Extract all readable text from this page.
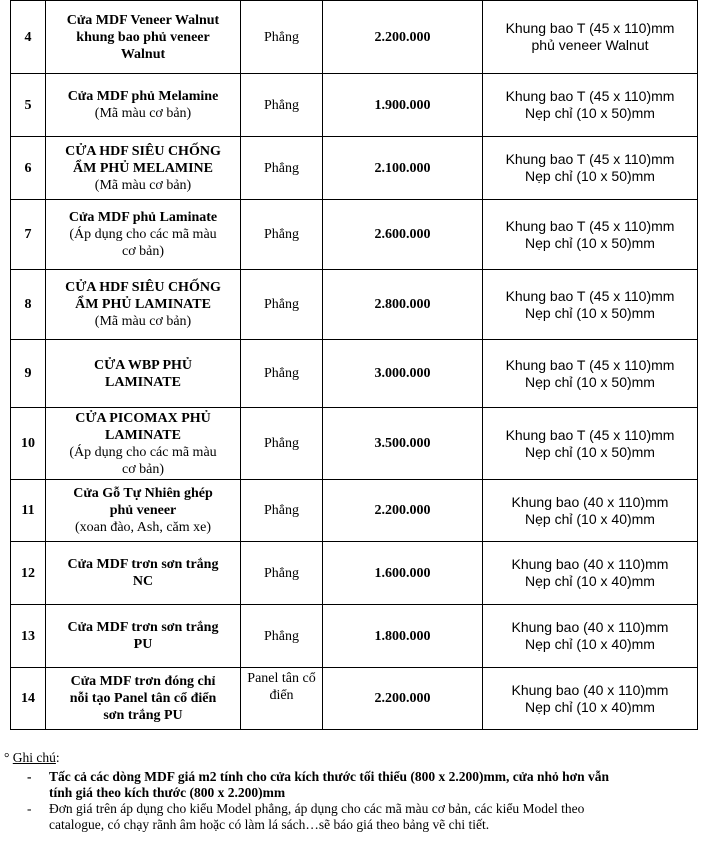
4	Cửa MDF Veneer Walnut
khung bao phủ veneer
Walnut	Phẳng	2.200.000	Khung bao T (45 x 110)mm
phủ veneer Walnut
5	Cửa MDF phủ Melamine
(Mã màu cơ bản)	Phẳng	1.900.000	Khung bao T (45 x 110)mm
Nẹp chỉ (10 x 50)mm
6	CỬA HDF SIÊU CHỐNG
ẨM PHỦ MELAMINE
(Mã màu cơ bản)	Phẳng	2.100.000	Khung bao T (45 x 110)mm
Nẹp chỉ (10 x 50)mm
7	Cửa MDF phủ Laminate
(Áp dụng cho các mã màu
cơ bản)	Phẳng	2.600.000	Khung bao T (45 x 110)mm
Nẹp chỉ (10 x 50)mm
8	CỬA HDF SIÊU CHỐNG
ẨM PHỦ LAMINATE
(Mã màu cơ bản)	Phẳng	2.800.000	Khung bao T (45 x 110)mm
Nẹp chỉ (10 x 50)mm
9	CỬA WBP PHỦ
LAMINATE	Phẳng	3.000.000	Khung bao T (45 x 110)mm
Nẹp chỉ (10 x 50)mm
10	CỬA PICOMAX PHỦ
LAMINATE
(Áp dụng cho các mã màu
cơ bản)	Phẳng	3.500.000	Khung bao T (45 x 110)mm
Nẹp chỉ (10 x 50)mm
11	Cửa Gỗ Tự Nhiên ghép
phủ veneer
(xoan đào, Ash, căm xe)	Phẳng	2.200.000	Khung bao (40 x 110)mm
Nẹp chỉ (10 x 40)mm
12	Cửa MDF trơn sơn trắng
NC	Phẳng	1.600.000	Khung bao (40 x 110)mm
Nẹp chỉ (10 x 40)mm
13	Cửa MDF trơn sơn trắng
PU	Phẳng	1.800.000	Khung bao (40 x 110)mm
Nẹp chỉ (10 x 40)mm
14	Cửa MDF trơn đóng chỉ
nỗi tạo Panel tân cổ điển
sơn trắng PU	Panel tân cổ
điển	2.200.000	Khung bao (40 x 110)mm
Nẹp chỉ (10 x 40)mm
° Ghi chú:
- Tấc cả các dòng MDF giá m2 tính cho cửa kích thước tối thiểu (800 x 2.200)mm, cửa nhỏ hơn vẫn
tính giá theo kích thước (800 x 2.200)mm
- Đơn giá trên áp dụng cho kiểu Model phẳng, áp dụng cho các mã màu cơ bản, các kiểu Model theo
catalogue, có chạy rãnh âm hoặc có làm lá sách…sẽ báo giá theo bảng vẽ chi tiết.
